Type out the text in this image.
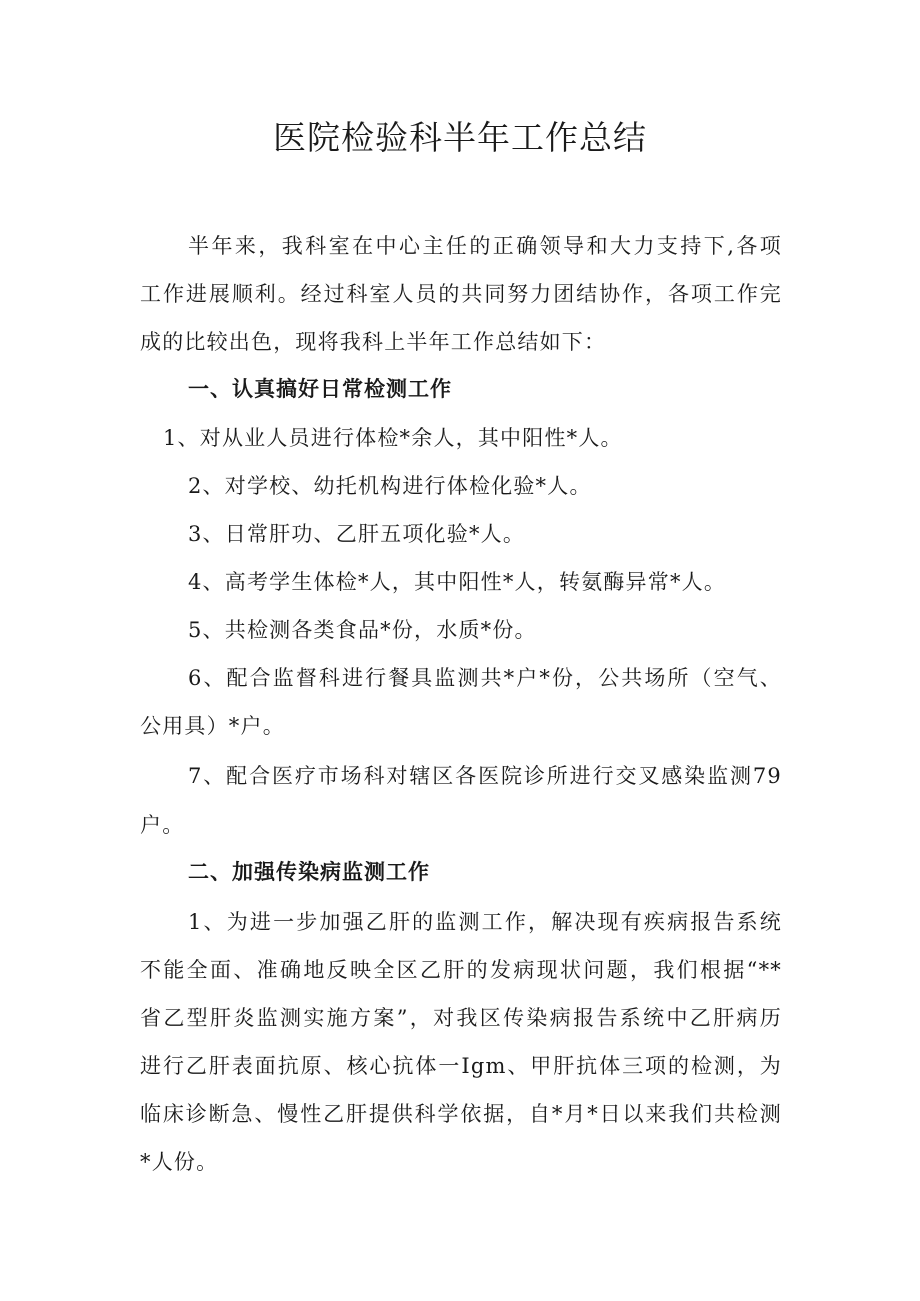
医院检验科半年工作总结
半年来，我科室在中心主任的正确领导和大力支持下,各项
工作进展顺利。经过科室人员的共同努力团结协作，各项工作完
成的比较出色，现将我科上半年工作总结如下：
一、认真搞好日常检测工作
1、对从业人员进行体检*余人，其中阳性*人。
2、对学校、幼托机构进行体检化验*人。
3、日常肝功、乙肝五项化验*人。
4、高考学生体检*人，其中阳性*人，转氨酶异常*人。
5、共检测各类食品*份，水质*份。
6、配合监督科进行餐具监测共*户*份，公共场所（空气、
公用具）*户。
7、配合医疗市场科对辖区各医院诊所进行交叉感染监测79
户。
二、加强传染病监测工作
1、为进一步加强乙肝的监测工作，解决现有疾病报告系统
不能全面、准确地反映全区乙肝的发病现状问题，我们根据“**
省乙型肝炎监测实施方案”，对我区传染病报告系统中乙肝病历
进行乙肝表面抗原、核心抗体一Igm、甲肝抗体三项的检测，为
临床诊断急、慢性乙肝提供科学依据，自*月*日以来我们共检测
*人份。
